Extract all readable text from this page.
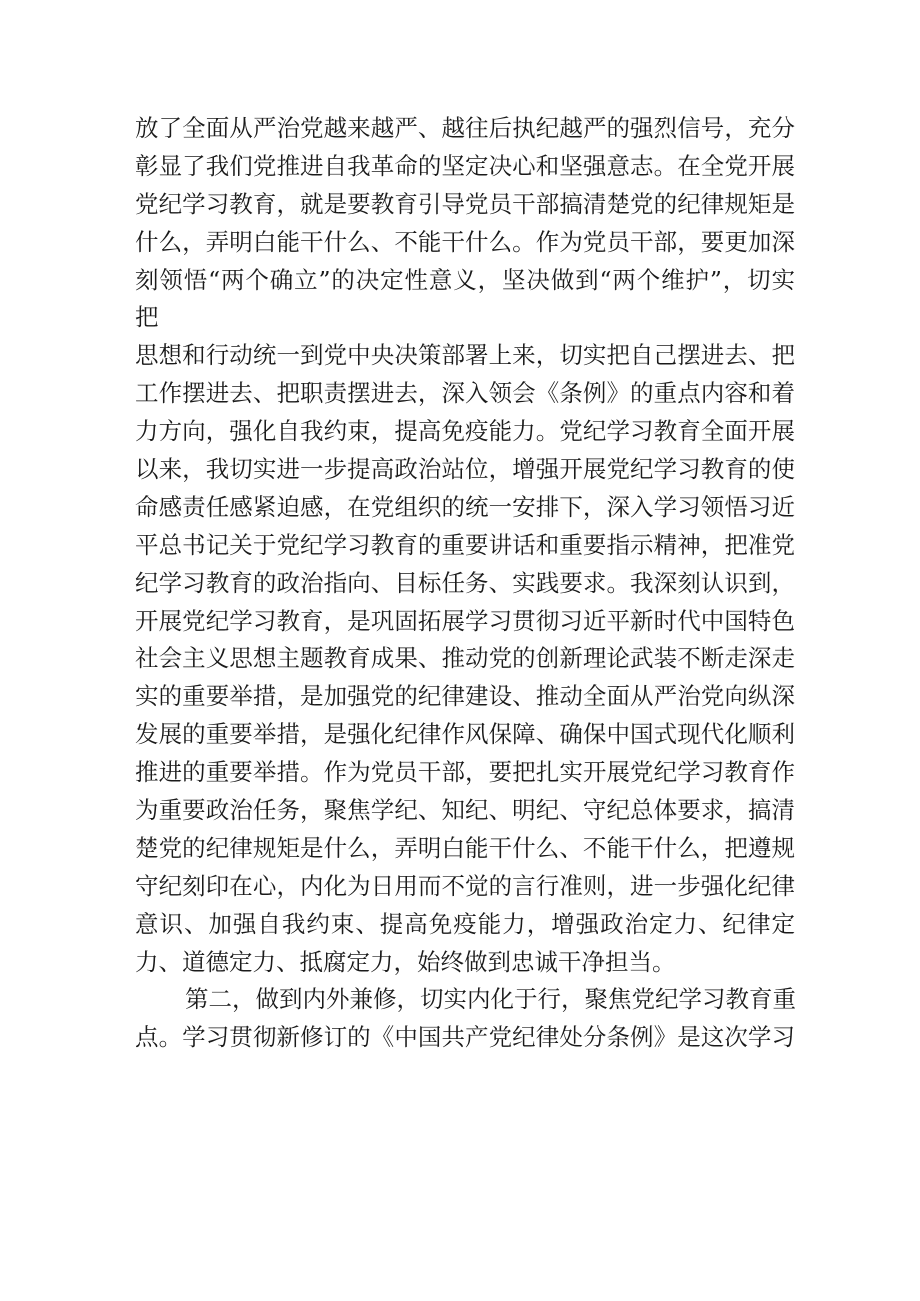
放了全面从严治党越来越严、越往后执纪越严的强烈信号，充分
彰显了我们党推进自我革命的坚定决心和坚强意志。在全党开展
党纪学习教育，就是要教育引导党员干部搞清楚党的纪律规矩是
什么，弄明白能干什么、不能干什么。作为党员干部，要更加深
刻领悟“两个确立”的决定性意义，坚决做到“两个维护”，切实
把
思想和行动统一到党中央决策部署上来，切实把自己摆进去、把
工作摆进去、把职责摆进去，深入领会《条例》的重点内容和着
力方向，强化自我约束，提高免疫能力。党纪学习教育全面开展
以来，我切实进一步提高政治站位，增强开展党纪学习教育的使
命感责任感紧迫感，在党组织的统一安排下，深入学习领悟习近
平总书记关于党纪学习教育的重要讲话和重要指示精神，把准党
纪学习教育的政治指向、目标任务、实践要求。我深刻认识到，
开展党纪学习教育，是巩固拓展学习贯彻习近平新时代中国特色
社会主义思想主题教育成果、推动党的创新理论武装不断走深走
实的重要举措，是加强党的纪律建设、推动全面从严治党向纵深
发展的重要举措，是强化纪律作风保障、确保中国式现代化顺利
推进的重要举措。作为党员干部，要把扎实开展党纪学习教育作
为重要政治任务，聚焦学纪、知纪、明纪、守纪总体要求，搞清
楚党的纪律规矩是什么，弄明白能干什么、不能干什么，把遵规
守纪刻印在心，内化为日用而不觉的言行准则，进一步强化纪律
意识、加强自我约束、提高免疫能力，增强政治定力、纪律定
力、道德定力、抵腐定力，始终做到忠诚干净担当。
第二，做到内外兼修，切实内化于行，聚焦党纪学习教育重
点。学习贯彻新修订的《中国共产党纪律处分条例》是这次学习
